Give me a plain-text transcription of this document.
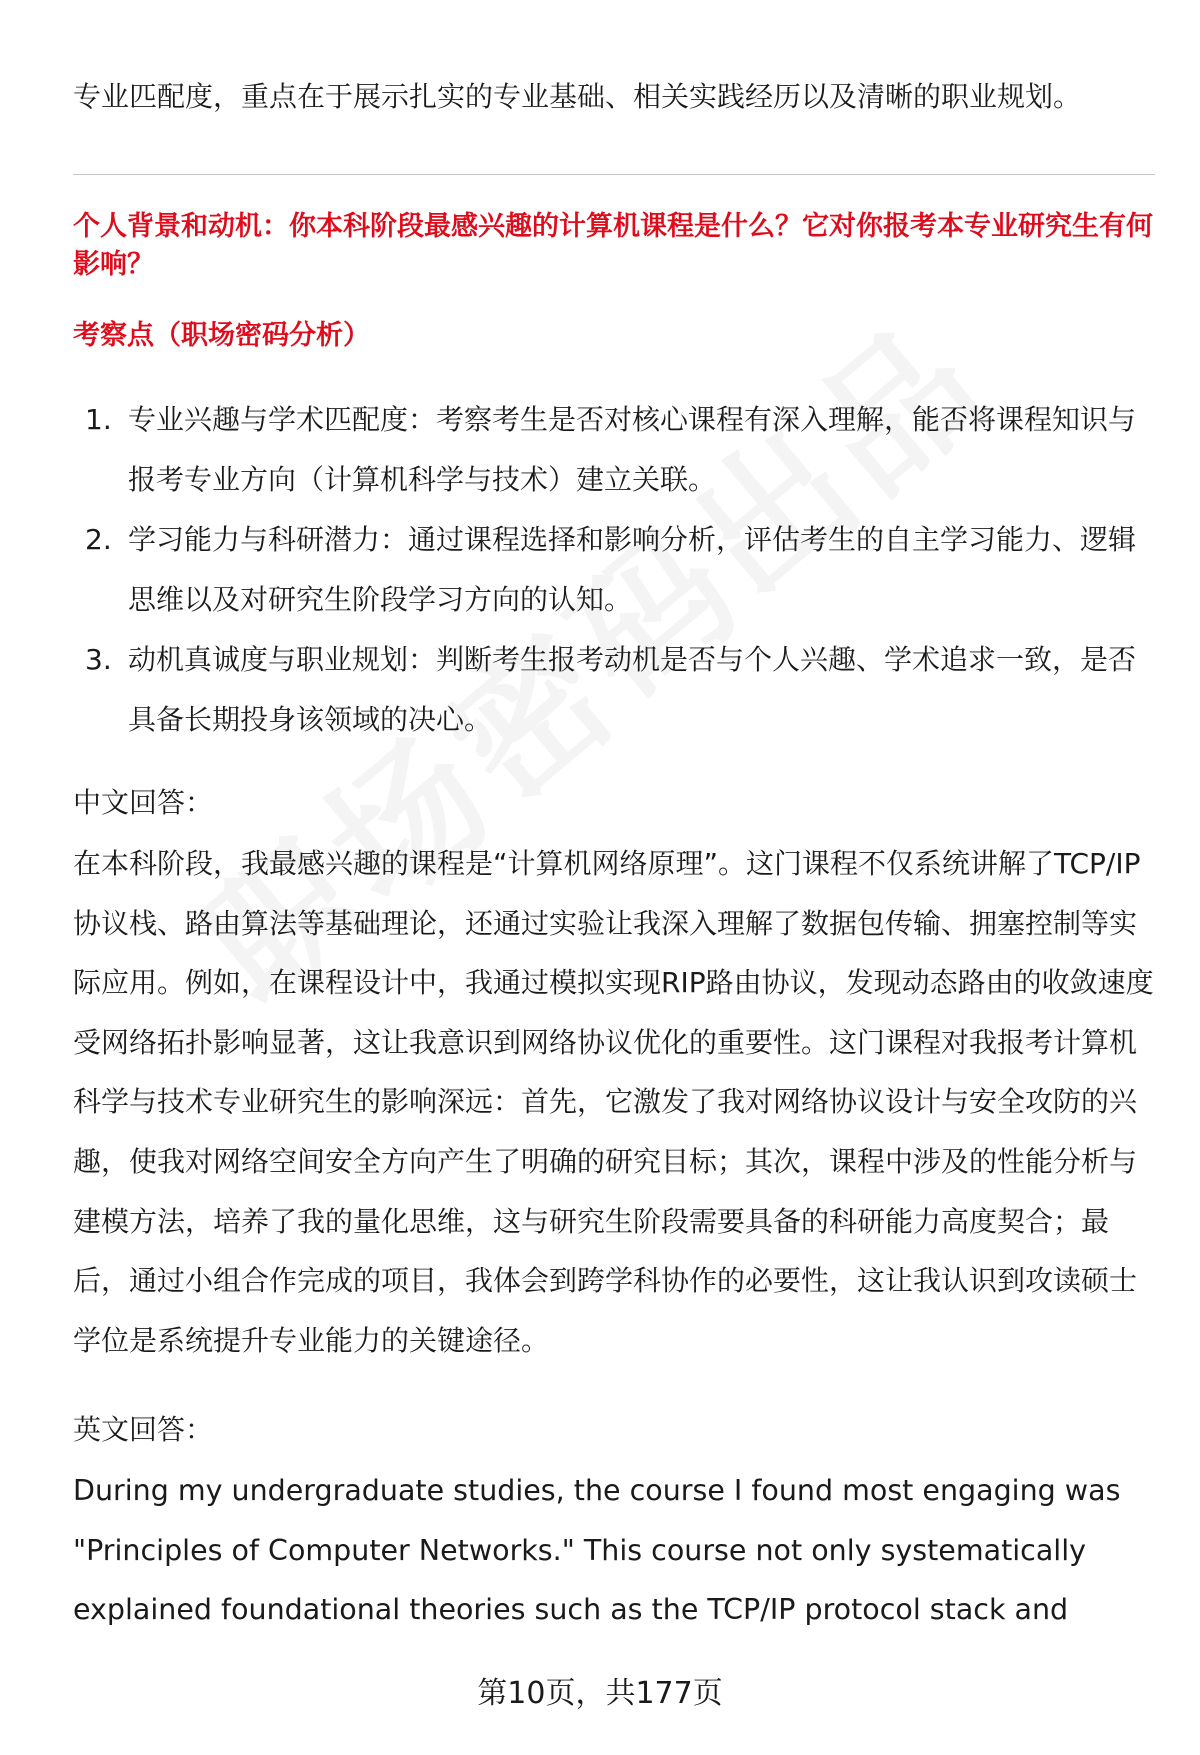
专业匹配度，重点在于展示扎实的专业基础、相关实践经历以及清晰的职业规划。
个人背景和动机：你本科阶段最感兴趣的计算机课程是什么？它对你报考本专业研究生有何影响？
考察点（职场密码分析）
1. 专业兴趣与学术匹配度：考察考生是否对核心课程有深入理解，能否将课程知识与报考专业方向（计算机科学与技术）建立关联。
2. 学习能力与科研潜力：通过课程选择和影响分析，评估考生的自主学习能力、逻辑思维以及对研究生阶段学习方向的认知。
3. 动机真诚度与职业规划：判断考生报考动机是否与个人兴趣、学术追求一致，是否具备长期投身该领域的决心。
中文回答：
在本科阶段，我最感兴趣的课程是“计算机网络原理”。这门课程不仅系统讲解了TCP/IP协议栈、路由算法等基础理论，还通过实验让我深入理解了数据包传输、拥塞控制等实际应用。例如，在课程设计中，我通过模拟实现RIP路由协议，发现动态路由的收敛速度受网络拓扑影响显著，这让我意识到网络协议优化的重要性。这门课程对我报考计算机科学与技术专业研究生的影响深远：首先，它激发了我对网络协议设计与安全攻防的兴趣，使我对网络空间安全方向产生了明确的研究目标；其次，课程中涉及的性能分析与建模方法，培养了我的量化思维，这与研究生阶段需要具备的科研能力高度契合；最后，通过小组合作完成的项目，我体会到跨学科协作的必要性，这让我认识到攻读硕士学位是系统提升专业能力的关键途径。
英文回答：
During my undergraduate studies, the course I found most engaging was "Principles of Computer Networks." This course not only systematically explained foundational theories such as the TCP/IP protocol stack and
第10页，共177页
